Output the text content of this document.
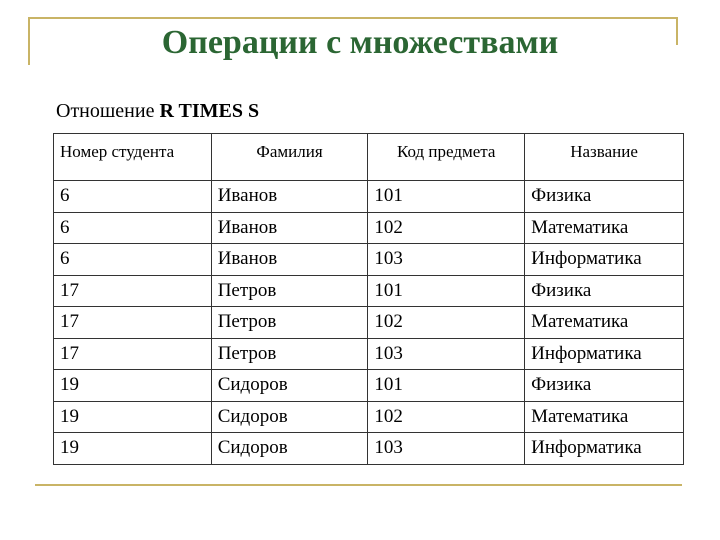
Операции с множествами
Отношение R TIMES S
Номер студента	Фамилия	Код предмета	Название
6	Иванов	101	Физика
6	Иванов	102	Математика
6	Иванов	103	Информатика
17	Петров	101	Физика
17	Петров	102	Математика
17	Петров	103	Информатика
19	Сидоров	101	Физика
19	Сидоров	102	Математика
19	Сидоров	103	Информатика
